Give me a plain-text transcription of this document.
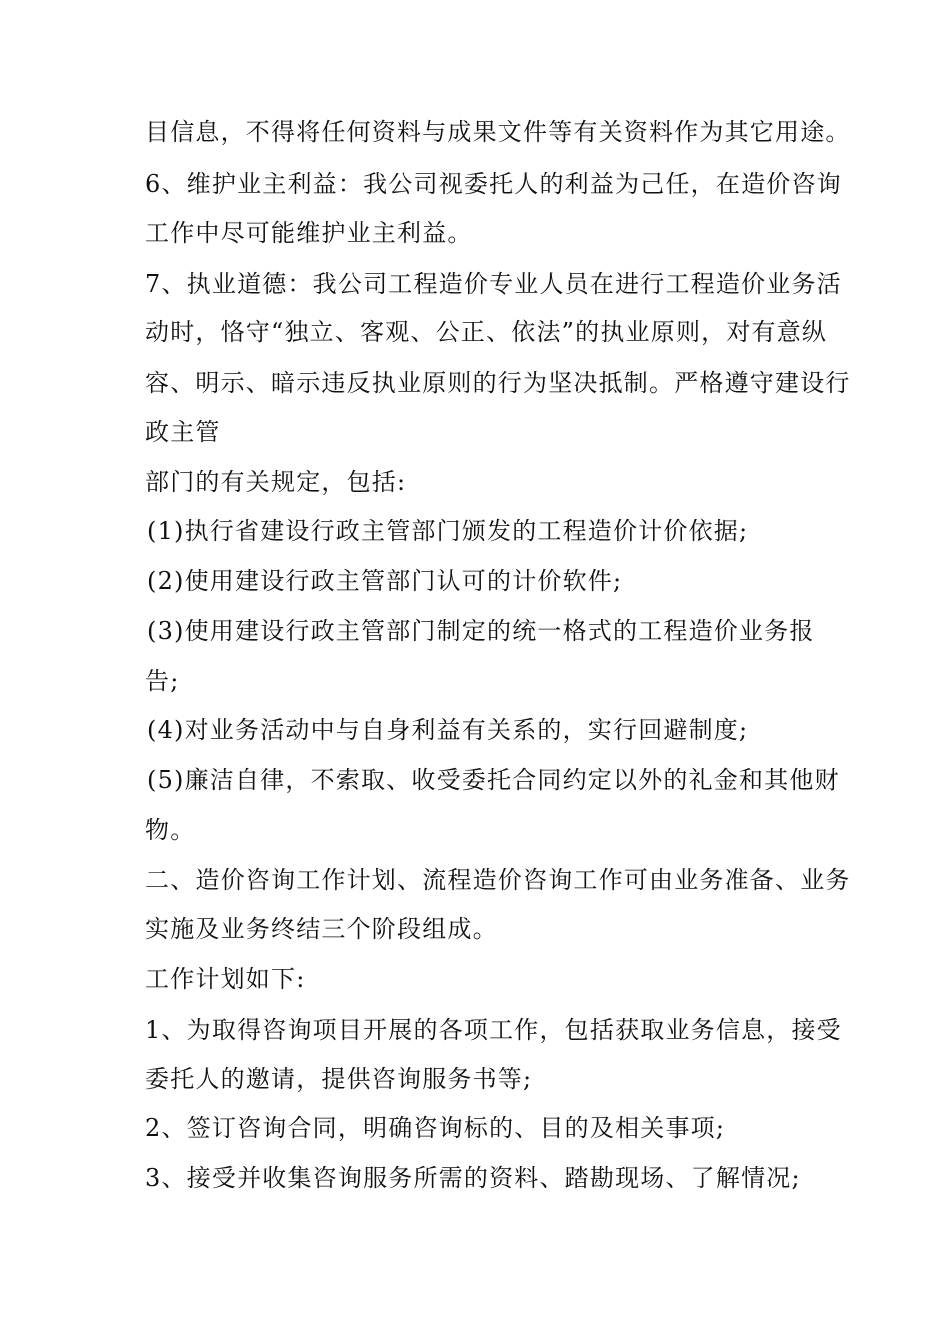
目信息，不得将任何资料与成果文件等有关资料作为其它用途。
6、维护业主利益：我公司视委托人的利益为己任，在造价咨询
工作中尽可能维护业主利益。
7、执业道德：我公司工程造价专业人员在进行工程造价业务活
动时，恪守“独立、客观、公正、依法”的执业原则，对有意纵
容、明示、暗示违反执业原则的行为坚决抵制。严格遵守建设行
政主管
部门的有关规定，包括:
(1)执行省建设行政主管部门颁发的工程造价计价依据;
(2)使用建设行政主管部门认可的计价软件;
(3)使用建设行政主管部门制定的统一格式的工程造价业务报
告;
(4)对业务活动中与自身利益有关系的，实行回避制度;
(5)廉洁自律，不索取、收受委托合同约定以外的礼金和其他财
物。
二、造价咨询工作计划、流程造价咨询工作可由业务准备、业务
实施及业务终结三个阶段组成。
工作计划如下:
1、为取得咨询项目开展的各项工作，包括获取业务信息，接受
委托人的邀请，提供咨询服务书等;
2、签订咨询合同，明确咨询标的、目的及相关事项;
3、接受并收集咨询服务所需的资料、踏勘现场、了解情况;
